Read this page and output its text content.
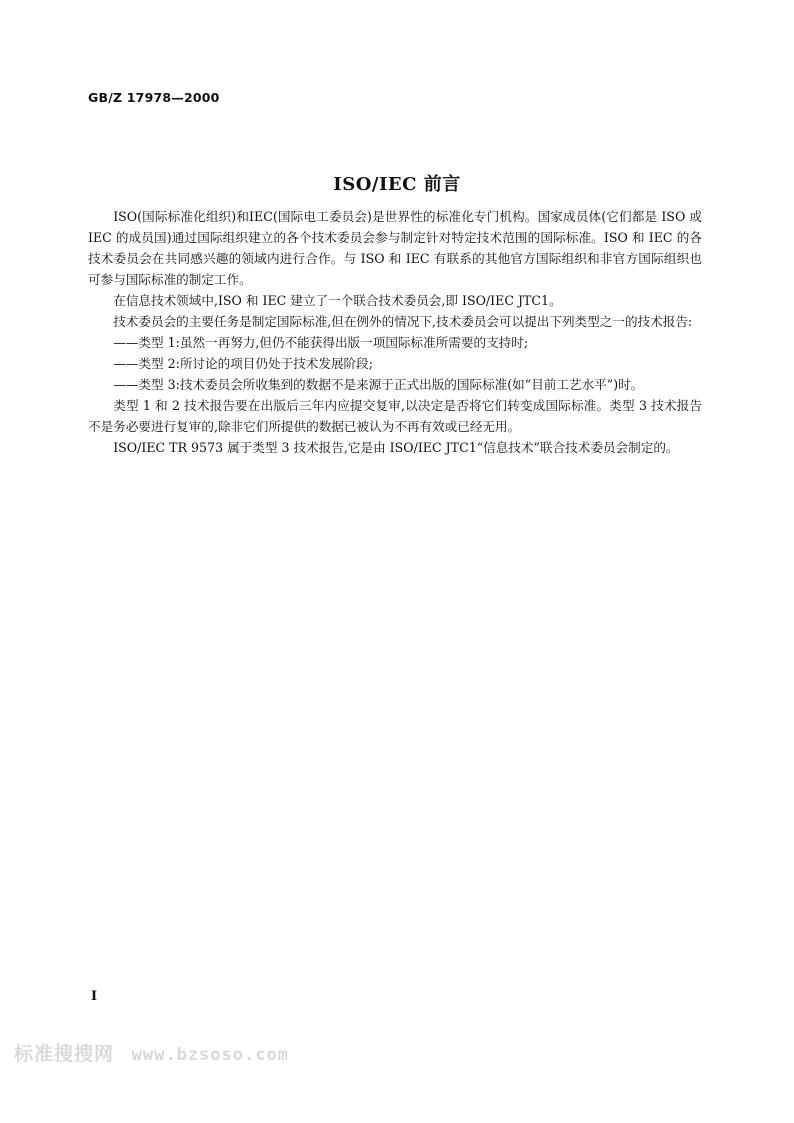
GB/Z 17978—2000
ISO/IEC 前言

ISO(国际标准化组织)和IEC(国际电工委员会)是世界性的标准化专门机构。国家成员体(它们都是 ISO 或 IEC 的成员国)通过国际组织建立的各个技术委员会参与制定针对特定技术范围的国际标准。ISO 和 IEC 的各技术委员会在共同感兴趣的领域内进行合作。与 ISO 和 IEC 有联系的其他官方国际组织和非官方国际组织也可参与国际标准的制定工作。

在信息技术领域中,ISO 和 IEC 建立了一个联合技术委员会,即 ISO/IEC JTC1。

技术委员会的主要任务是制定国际标准,但在例外的情况下,技术委员会可以提出下列类型之一的技术报告:

——类型 1:虽然一再努力,但仍不能获得出版一项国际标准所需要的支持时;

——类型 2:所讨论的项目仍处于技术发展阶段;

——类型 3:技术委员会所收集到的数据不是来源于正式出版的国际标准(如“目前工艺水平”)时。

类型 1 和 2 技术报告要在出版后三年内应提交复审,以决定是否将它们转变成国际标准。类型 3 技术报告不是务必要进行复审的,除非它们所提供的数据已被认为不再有效或已经无用。

ISO/IEC TR 9573 属于类型 3 技术报告,它是由 ISO/IEC JTC1“信息技术”联合技术委员会制定的。

I
标准搜搜网 www.bzsoso.com
